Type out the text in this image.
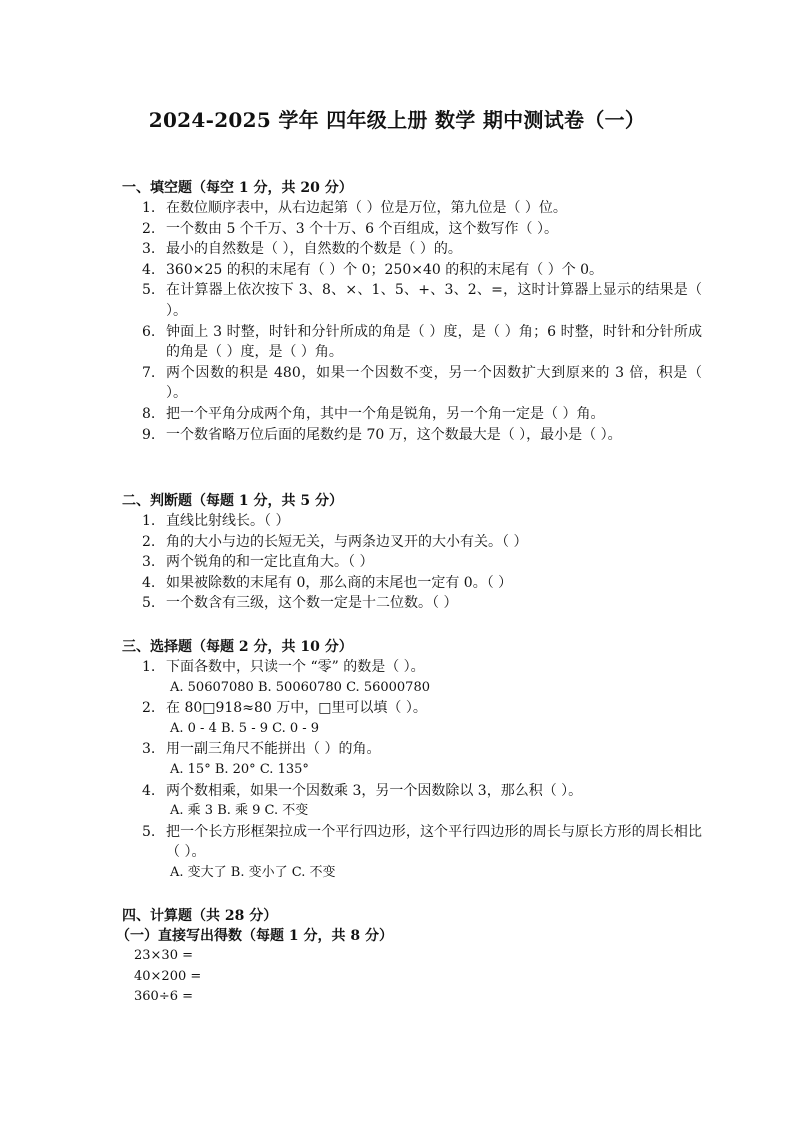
2024-2025 学年 四年级上册 数学 期中测试卷（一）
一、填空题（每空 1 分，共 20 分）
1. 在数位顺序表中，从右边起第（ ）位是万位，第九位是（ ）位。
2. 一个数由 5 个千万、3 个十万、6 个百组成，这个数写作（ ）。
3. 最小的自然数是（ ），自然数的个数是（ ）的。
4. 360×25 的积的末尾有（ ）个 0；250×40 的积的末尾有（ ）个 0。
5. 在计算器上依次按下 3、8、×、1、5、+、3、2、=，这时计算器上显示的结果是（ ）。
6. 钟面上 3 时整，时针和分针所成的角是（ ）度，是（ ）角；6 时整，时针和分针所成的角是（ ）度，是（ ）角。
7. 两个因数的积是 480，如果一个因数不变，另一个因数扩大到原来的 3 倍，积是（ ）。
8. 把一个平角分成两个角，其中一个角是锐角，另一个角一定是（ ）角。
9. 一个数省略万位后面的尾数约是 70 万，这个数最大是（ ），最小是（ ）。
二、判断题（每题 1 分，共 5 分）
1. 直线比射线长。（ ）
2. 角的大小与边的长短无关，与两条边叉开的大小有关。（ ）
3. 两个锐角的和一定比直角大。（ ）
4. 如果被除数的末尾有 0，那么商的末尾也一定有 0。（ ）
5. 一个数含有三级，这个数一定是十二位数。（ ）
三、选择题（每题 2 分，共 10 分）
1. 下面各数中，只读一个 “零” 的数是（ ）。
A. 50607080 B. 50060780 C. 56000780
2. 在 80□918≈80 万中，□里可以填（ ）。
A. 0 - 4 B. 5 - 9 C. 0 - 9
3. 用一副三角尺不能拼出（ ）的角。
A. 15° B. 20° C. 135°
4. 两个数相乘，如果一个因数乘 3，另一个因数除以 3，那么积（ ）。
A. 乘 3 B. 乘 9 C. 不变
5. 把一个长方形框架拉成一个平行四边形，这个平行四边形的周长与原长方形的周长相比（ ）。
A. 变大了 B. 变小了 C. 不变
四、计算题（共 28 分）
（一）直接写出得数（每题 1 分，共 8 分）
23×30 =
40×200 =
360÷6 =
